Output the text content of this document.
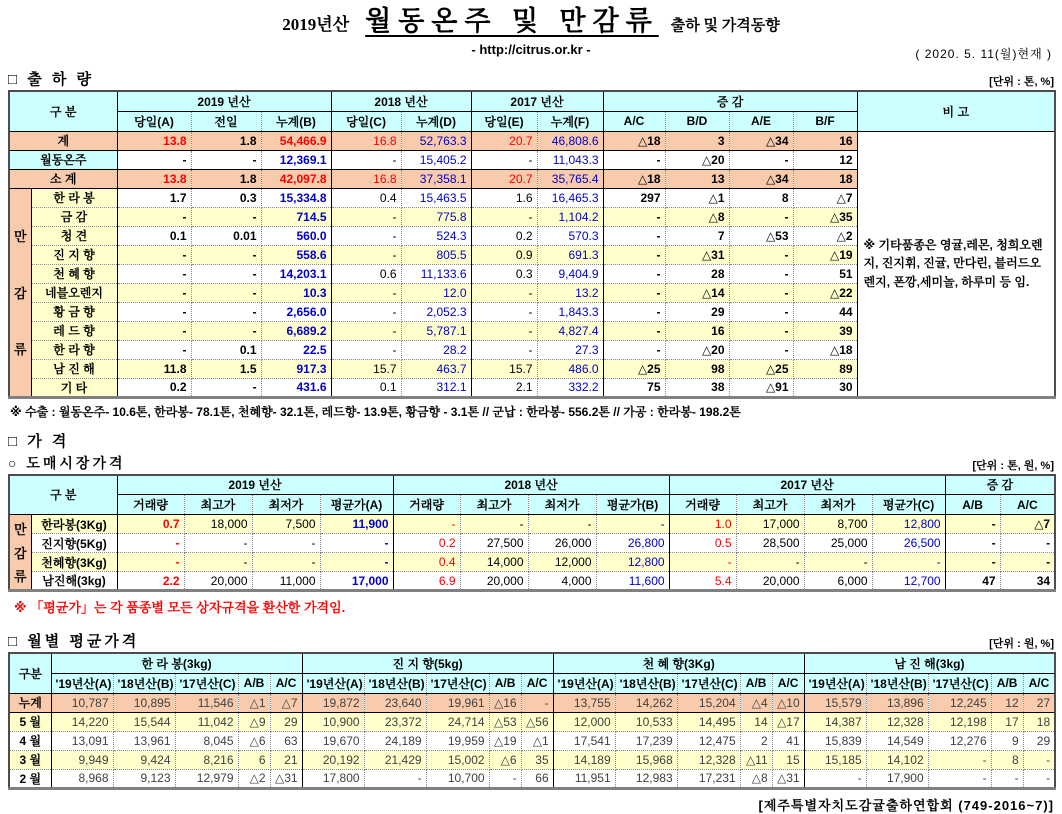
2019년산 월동온주 및 만감류 출하 및 가격동향
- http://citrus.or.kr -	( 2020. 5. 11(월)현재 )
□ 출 하 량	[단위 : 톤, %]
구 분		2019 년산			2018 년산		2017 년산		증 감				비 고
		당일(A)	전일	누계(B)	당일(C)	누계(D)	당일(E)	누계(F)	A/C	B/D	A/E	B/F	
계		13.8	1.8	54,466.9	16.8	52,763.3	20.7	46,808.6	△18	3	△34	16	※ 기타품종은 영귤,레몬, 청희오렌지, 진지휘, 진귤, 만다린, 블러드오렌지, 폰깡,세미놀, 하루미 등 임.
월동온주		-	-	12,369.1	-	15,405.2	-	11,043.3	-	△20	-	12	
소 계		13.8	1.8	42,097.8	16.8	37,358.1	20.7	35,765.4	△18	13	△34	18	

만
감
류	한 라 봉	1.7	0.3	15,334.8	0.4	15,463.5	1.6	16,465.3	297	△1	8	△7	
	금 감	-	-	714.5	-	775.8	-	1,104.2	-	△8	-	△35	
	청 견	0.1	0.01	560.0	-	524.3	0.2	570.3	-	7	△53	△2	
	진 지 향	-	-	558.6	-	805.5	0.9	691.3	-	△31	-	△19	
	천 혜 향	-	-	14,203.1	0.6	11,133.6	0.3	9,404.9	-	28	-	51	
	네블오렌지	-	-	10.3	-	12.0	-	13.2	-	△14	-	△22	
	황 금 향	-	-	2,656.0	-	2,052.3	-	1,843.3	-	29	-	44	
	레 드 향	-	-	6,689.2	-	5,787.1	-	4,827.4	-	16	-	39	
	한 라 향	-	0.1	22.5	-	28.2	-	27.3	-	△20	-	△18	
	남 진 해	11.8	1.5	917.3	15.7	463.7	15.7	486.0	△25	98	△25	89	
	기 타	0.2	-	431.6	0.1	312.1	2.1	332.2	75	38	△91	30	
※ 수출 : 월동온주- 10.6톤, 한라봉- 78.1톤, 천혜향- 32.1톤, 레드향- 13.9톤, 황금향 - 3.1톤 // 군납 : 한라봉- 556.2톤 // 가공 : 한라봉- 198.2톤
□ 가 격
○ 도매시장가격	[단위 : 톤, 원, %]
구 분		2019 년산				2018 년산				2017 년산				증 감	
		거래량	최고가	최저가	평균가(A)	거래량	최고가	최저가	평균가(B)	거래량	최고가	최저가	평균가(C)	A/B	A/C

만
감
류	한라봉(3Kg)	0.7	18,000	7,500	11,900	-	-	-	-	1.0	17,000	8,700	12,800	-	△7
	진지향(5Kg)	-	-	-	-	0.2	27,500	26,000	26,800	0.5	28,500	25,000	26,500	-	-
	천혜향(3Kg)	-	-	-	-	0.4	14,000	12,000	12,800	-	-	-	-	-	-
	남진해(3kg)	2.2	20,000	11,000	17,000	6.9	20,000	4,000	11,600	5.4	20,000	6,000	12,700	47	34
※ 「평균가」는 각 품종별 모든 상자규격을 환산한 가격임.
□ 월별 평균가격	[단위 : 원, %]
구분	한 라 봉(3kg)					진 지 향(5kg)					천 혜 향(3Kg)					남 진 해(3kg)				
	'19년산(A)	'18년산(B)	'17년산(C)	A/B	A/C	'19년산(A)	'18년산(B)	'17년산(C)	A/B	A/C	'19년산(A)	'18년산(B)	'17년산(C)	A/B	A/C	'19년산(A)	'18년산(B)	'17년산(C)	A/B	A/C
누계	10,787	10,895	11,546	△1	△7	19,872	23,640	19,961	△16	-	13,755	14,262	15,204	△4	△10	15,579	13,896	12,245	12	27
5 월	14,220	15,544	11,042	△9	29	10,900	23,372	24,714	△53	△56	12,000	10,533	14,495	14	△17	14,387	12,328	12,198	17	18
4 월	13,091	13,961	8,045	△6	63	19,670	24,189	19,959	△19	△1	17,541	17,239	12,475	2	41	15,839	14,549	12,276	9	29
3 월	9,949	9,424	8,216	6	21	20,192	21,429	15,002	△6	35	14,189	15,968	12,328	△11	15	15,185	14,102	-	8	-
2 월	8,968	9,123	12,979	△2	△31	17,800	-	10,700	-	66	11,951	12,983	17,231	△8	△31	-	17,900	-	-	-
[제주특별자치도감귤출하연합회 (749-2016~7)]
